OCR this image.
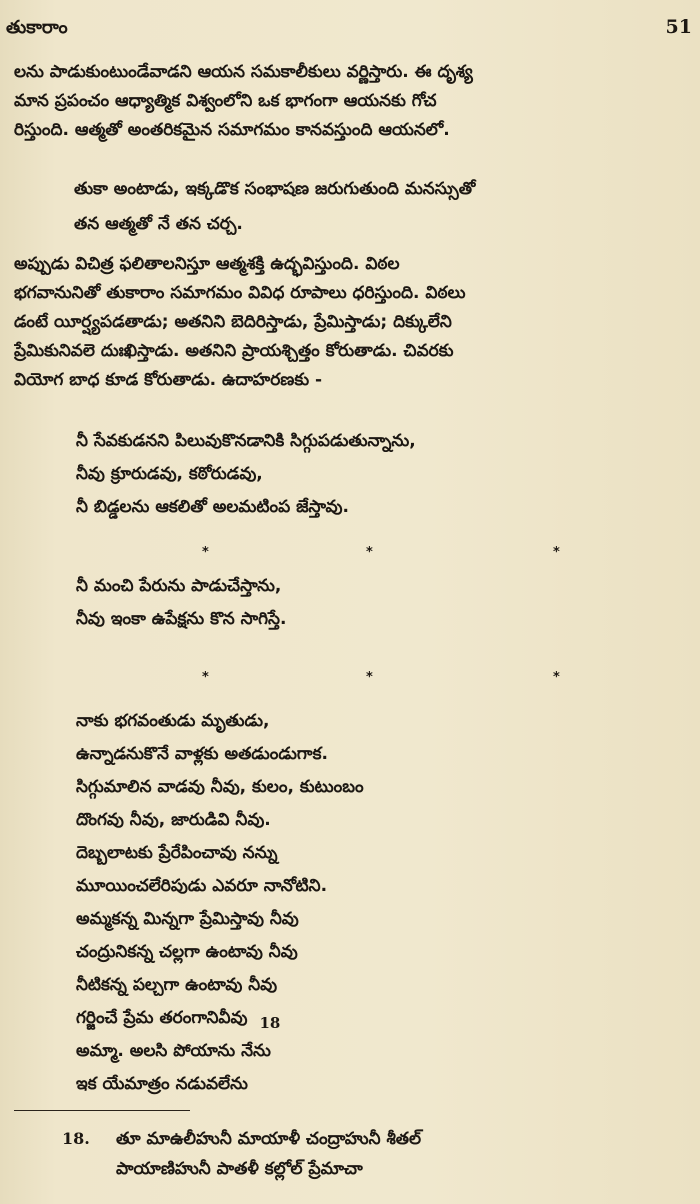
తుకారాం	51
లను పాడుకుంటుండేవాడని ఆయన సమకాలీకులు వర్ణిస్తారు. ఈ దృశ్య
మాన ప్రపంచం ఆధ్యాత్మిక విశ్వంలోని ఒక భాగంగా ఆయనకు గోచ
రిస్తుంది. ఆత్మతో అంతరికమైన సమాగమం కానవస్తుంది ఆయనలో.
తుకా అంటాడు, ఇక్కడొక సంభాషణ జరుగుతుంది మనస్సుతో
తన ఆత్మతో నే తన చర్చ.
అప్పుడు విచిత్ర ఫలితాలనిస్తూ ఆత్మశక్తి ఉద్భవిస్తుంది. విఠల
భగవానునితో తుకారాం సమాగమం వివిధ రూపాలు ధరిస్తుంది. విఠలు
డంటే యీర్ష్యపడతాడు; అతనిని బెదిరిస్తాడు, ప్రేమిస్తాడు; దిక్కులేని
ప్రేమికునివలె దుఃఖిస్తాడు. అతనిని ప్రాయశ్చిత్తం కోరుతాడు. చివరకు
వియోగ బాధ కూడ కోరుతాడు. ఉదాహరణకు -
నీ సేవకుడనని పిలువుకొనడానికి సిగ్గుపడుతున్నాను,
నీవు క్రూరుడవు, కఠోరుడవు,
నీ బిడ్డలను ఆకలితో అలమటింప జేస్తావు.
*	*	*
నీ మంచి పేరును పాడుచేస్తాను,
నీవు ఇంకా ఉపేక్షను కొన సాగిస్తే.
*	*	*
నాకు భగవంతుడు మృతుడు,
ఉన్నాడనుకొనే వాళ్లకు అతడుండుగాక.
సిగ్గుమాలిన వాడవు నీవు, కులం, కుటుంబం
దొంగవు నీవు, జారుడివి నీవు.
దెబ్బలాటకు ప్రేరేపించావు నన్ను
మూయించలేరిపుడు ఎవరూ నానోటిని.
అమ్మకన్న మిన్నగా ప్రేమిస్తావు నీవు
చంద్రునికన్న చల్లగా ఉంటావు నీవు
నీటికన్న పల్చగా ఉంటావు నీవు
గర్జించే ప్రేమ తరంగానివీవు 18
అమ్మా. అలసి పోయాను నేను
ఇక యేమాత్రం నడువలేను
18. తూ మాఉలీహునీ మాయాళీ చంద్రాహునీ శీతల్
పాయాణిహునీ పాతళీ కల్లోల్ ప్రేమాచా
